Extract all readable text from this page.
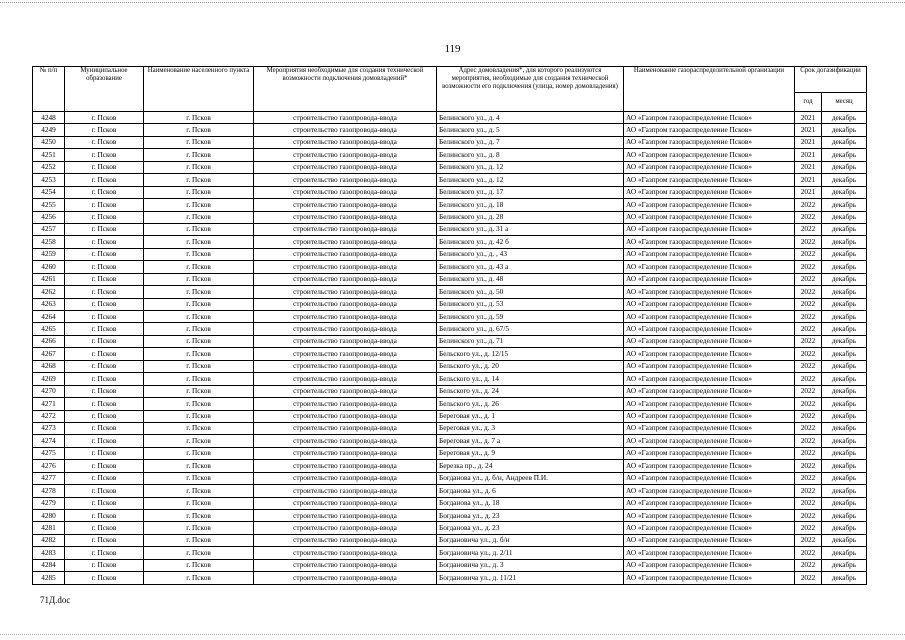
119
№ п/п	Муниципальное образование	Наименование населенного пункта	Мероприятия необходимые для создания технической возможности подключения домовладений*	Адрес домовладения*, для которого реализуются мероприятия, необходимые для создания технической возможности его подключения (улица, номер домовладения)	Наименование газораспределительной организации	Срок догазификации	
						год	месяц
4248	г. Псков	г. Псков	строительство газопровода-ввода	Белинского ул., д. 4	АО «Газпром газораспределение Псков»	2021	декабрь
4249	г. Псков	г. Псков	строительство газопровода-ввода	Белинского ул., д. 5	АО «Газпром газораспределение Псков»	2021	декабрь
4250	г. Псков	г. Псков	строительство газопровода-ввода	Белинского ул., д. 7	АО «Газпром газораспределение Псков»	2021	декабрь
4251	г. Псков	г. Псков	строительство газопровода-ввода	Белинского ул., д. 8	АО «Газпром газораспределение Псков»	2021	декабрь
4252	г. Псков	г. Псков	строительство газопровода-ввода	Белинского ул., д. 12	АО «Газпром газораспределение Псков»	2021	декабрь
4253	г. Псков	г. Псков	строительство газопровода-ввода	Белинского ул., д. 12	АО «Газпром газораспределение Псков»	2021	декабрь
4254	г. Псков	г. Псков	строительство газопровода-ввода	Белинского ул., д. 17	АО «Газпром газораспределение Псков»	2021	декабрь
4255	г. Псков	г. Псков	строительство газопровода-ввода	Белинского ул., д. 18	АО «Газпром газораспределение Псков»	2022	декабрь
4256	г. Псков	г. Псков	строительство газопровода-ввода	Белинского ул., д. 28	АО «Газпром газораспределение Псков»	2022	декабрь
4257	г. Псков	г. Псков	строительство газопровода-ввода	Белинского ул., д. 31 а	АО «Газпром газораспределение Псков»	2022	декабрь
4258	г. Псков	г. Псков	строительство газопровода-ввода	Белинского ул., д. 42 б	АО «Газпром газораспределение Псков»	2022	декабрь
4259	г. Псков	г. Псков	строительство газопровода-ввода	Белинского ул., д. , 43	АО «Газпром газораспределение Псков»	2022	декабрь
4260	г. Псков	г. Псков	строительство газопровода-ввода	Белинского ул., д. 43 а	АО «Газпром газораспределение Псков»	2022	декабрь
4261	г. Псков	г. Псков	строительство газопровода-ввода	Белинского ул., д. 48	АО «Газпром газораспределение Псков»	2022	декабрь
4262	г. Псков	г. Псков	строительство газопровода-ввода	Белинского ул., д. 50	АО «Газпром газораспределение Псков»	2022	декабрь
4263	г. Псков	г. Псков	строительство газопровода-ввода	Белинского ул., д. 53	АО «Газпром газораспределение Псков»	2022	декабрь
4264	г. Псков	г. Псков	строительство газопровода-ввода	Белинского ул., д. 59	АО «Газпром газораспределение Псков»	2022	декабрь
4265	г. Псков	г. Псков	строительство газопровода-ввода	Белинского ул., д. 67/5	АО «Газпром газораспределение Псков»	2022	декабрь
4266	г. Псков	г. Псков	строительство газопровода-ввода	Белинского ул., д. 71	АО «Газпром газораспределение Псков»	2022	декабрь
4267	г. Псков	г. Псков	строительство газопровода-ввода	Бельского ул., д. 12/15	АО «Газпром газораспределение Псков»	2022	декабрь
4268	г. Псков	г. Псков	строительство газопровода-ввода	Бельского ул., д. 20	АО «Газпром газораспределение Псков»	2022	декабрь
4269	г. Псков	г. Псков	строительство газопровода-ввода	Бельского ул., д. 14	АО «Газпром газораспределение Псков»	2022	декабрь
4270	г. Псков	г. Псков	строительство газопровода-ввода	Бельского ул., д. 24	АО «Газпром газораспределение Псков»	2022	декабрь
4271	г. Псков	г. Псков	строительство газопровода-ввода	Бельского ул., д. 26	АО «Газпром газораспределение Псков»	2022	декабрь
4272	г. Псков	г. Псков	строительство газопровода-ввода	Береговая ул., д. 1	АО «Газпром газораспределение Псков»	2022	декабрь
4273	г. Псков	г. Псков	строительство газопровода-ввода	Береговая ул., д. 3	АО «Газпром газораспределение Псков»	2022	декабрь
4274	г. Псков	г. Псков	строительство газопровода-ввода	Береговая ул., д. 7 а	АО «Газпром газораспределение Псков»	2022	декабрь
4275	г. Псков	г. Псков	строительство газопровода-ввода	Береговая ул., д. 9	АО «Газпром газораспределение Псков»	2022	декабрь
4276	г. Псков	г. Псков	строительство газопровода-ввода	Березка пр., д. 24	АО «Газпром газораспределение Псков»	2022	декабрь
4277	г. Псков	г. Псков	строительство газопровода-ввода	Богданова ул., д. б/н, Андреев П.И.	АО «Газпром газораспределение Псков»	2022	декабрь
4278	г. Псков	г. Псков	строительство газопровода-ввода	Богданова ул., д. 6	АО «Газпром газораспределение Псков»	2022	декабрь
4279	г. Псков	г. Псков	строительство газопровода-ввода	Богданова ул., д. 18	АО «Газпром газораспределение Псков»	2022	декабрь
4280	г. Псков	г. Псков	строительство газопровода-ввода	Богданова ул., д. 23	АО «Газпром газораспределение Псков»	2022	декабрь
4281	г. Псков	г. Псков	строительство газопровода-ввода	Богданова ул., д. 23	АО «Газпром газораспределение Псков»	2022	декабрь
4282	г. Псков	г. Псков	строительство газопровода-ввода	Богдановича ул., д. б/н	АО «Газпром газораспределение Псков»	2022	декабрь
4283	г. Псков	г. Псков	строительство газопровода-ввода	Богдановича ул., д. 2/11	АО «Газпром газораспределение Псков»	2022	декабрь
4284	г. Псков	г. Псков	строительство газопровода-ввода	Богдановича ул., д. 3	АО «Газпром газораспределение Псков»	2022	декабрь
4285	г. Псков	г. Псков	строительство газопровода-ввода	Богдановича ул., д. 11/21	АО «Газпром газораспределение Псков»	2022	декабрь
71Д.doc
